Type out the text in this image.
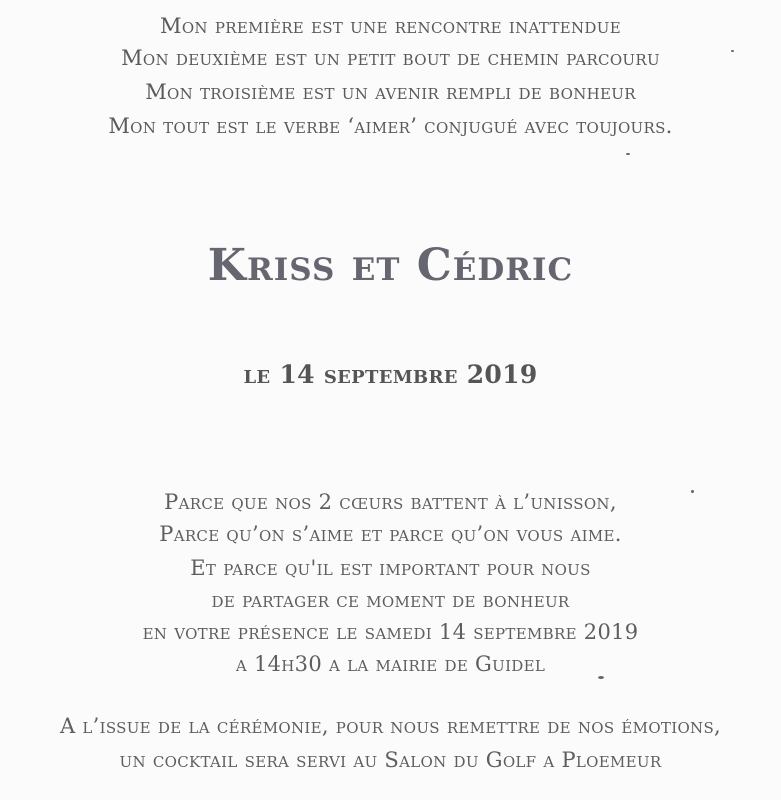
Mon première est une rencontre inattendue
Mon deuxième est un petit bout de chemin parcouru
Mon troisième est un avenir rempli de bonheur
Mon tout est le verbe ‘aimer’ conjugué avec toujours.
Kriss et Cédric
le 14 septembre 2019
Parce que nos 2 cœurs battent à l’unisson,
Parce qu’on s’aime et parce qu’on vous aime.
Et parce qu'il est important pour nous
de partager ce moment de bonheur
en votre présence le samedi 14 septembre 2019
a 14h30 a la mairie de Guidel
A l’issue de la cérémonie, pour nous remettre de nos émotions,
un cocktail sera servi au Salon du Golf a Ploemeur
